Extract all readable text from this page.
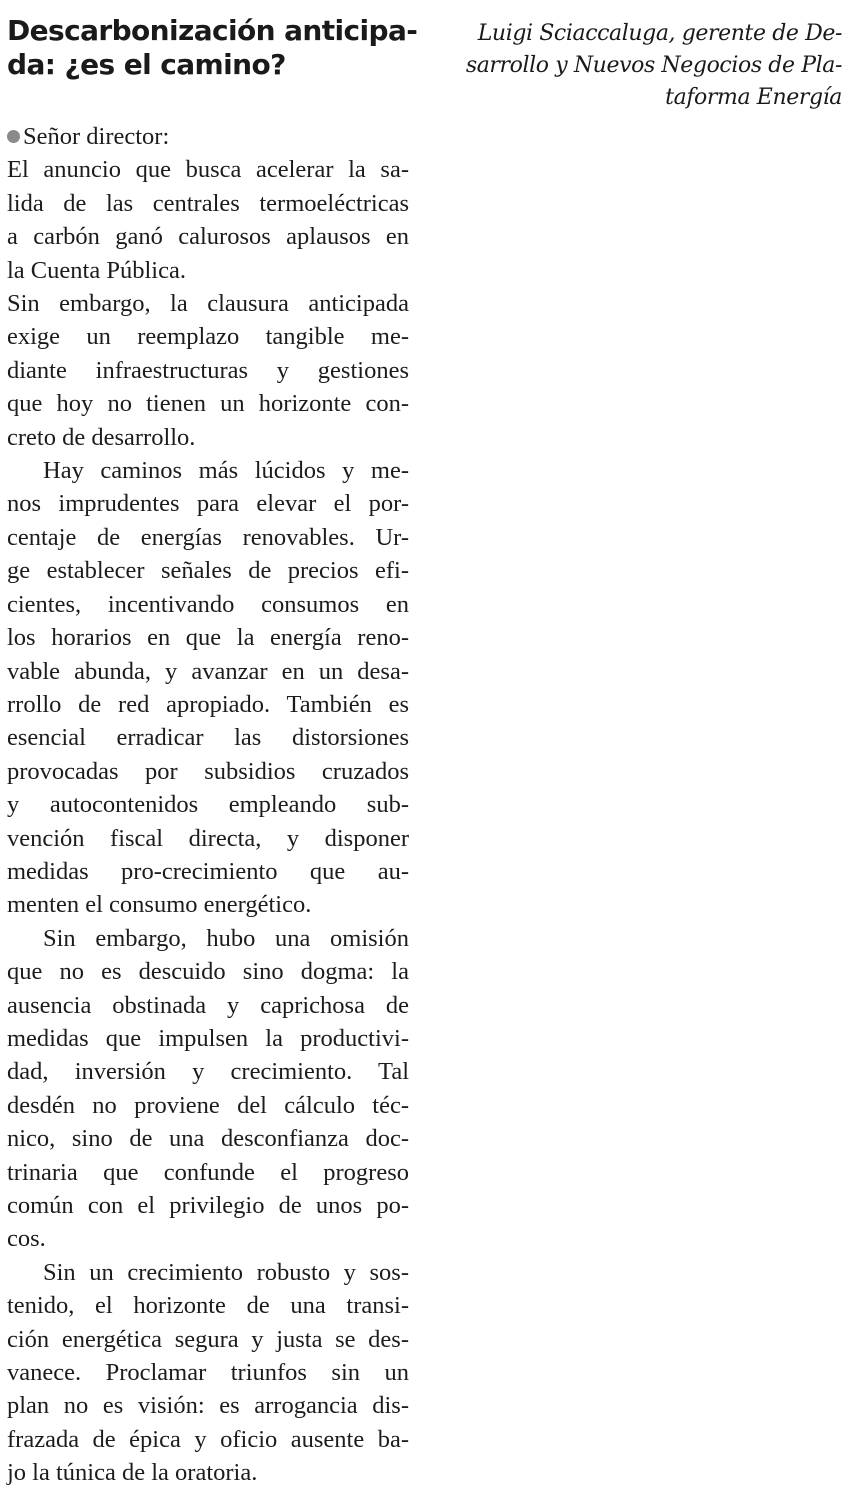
Descarbonización anticipa-
da: ¿es el camino?

Luigi Sciaccaluga, gerente de De-
sarrollo y Nuevos Negocios de Pla-
taforma Energía

Señor director:

El anuncio que busca acelerar la sa-
lida de las centrales termoeléctricas
a carbón ganó calurosos aplausos en
la Cuenta Pública.

Sin embargo, la clausura anticipada
exige un reemplazo tangible me-
diante infraestructuras y gestiones
que hoy no tienen un horizonte con-
creto de desarrollo.

Hay caminos más lúcidos y me-
nos imprudentes para elevar el por-
centaje de energías renovables. Ur-
ge establecer señales de precios efi-
cientes, incentivando consumos en
los horarios en que la energía reno-
vable abunda, y avanzar en un desa-
rrollo de red apropiado. También es
esencial erradicar las distorsiones
provocadas por subsidios cruzados
y autocontenidos empleando sub-
vención fiscal directa, y disponer
medidas pro-crecimiento que au-
menten el consumo energético.

Sin embargo, hubo una omisión
que no es descuido sino dogma: la
ausencia obstinada y caprichosa de
medidas que impulsen la productivi-
dad, inversión y crecimiento. Tal
desdén no proviene del cálculo téc-
nico, sino de una desconfianza doc-
trinaria que confunde el progreso
común con el privilegio de unos po-
cos.

Sin un crecimiento robusto y sos-
tenido, el horizonte de una transi-
ción energética segura y justa se des-
vanece. Proclamar triunfos sin un
plan no es visión: es arrogancia dis-
frazada de épica y oficio ausente ba-
jo la túnica de la oratoria.
